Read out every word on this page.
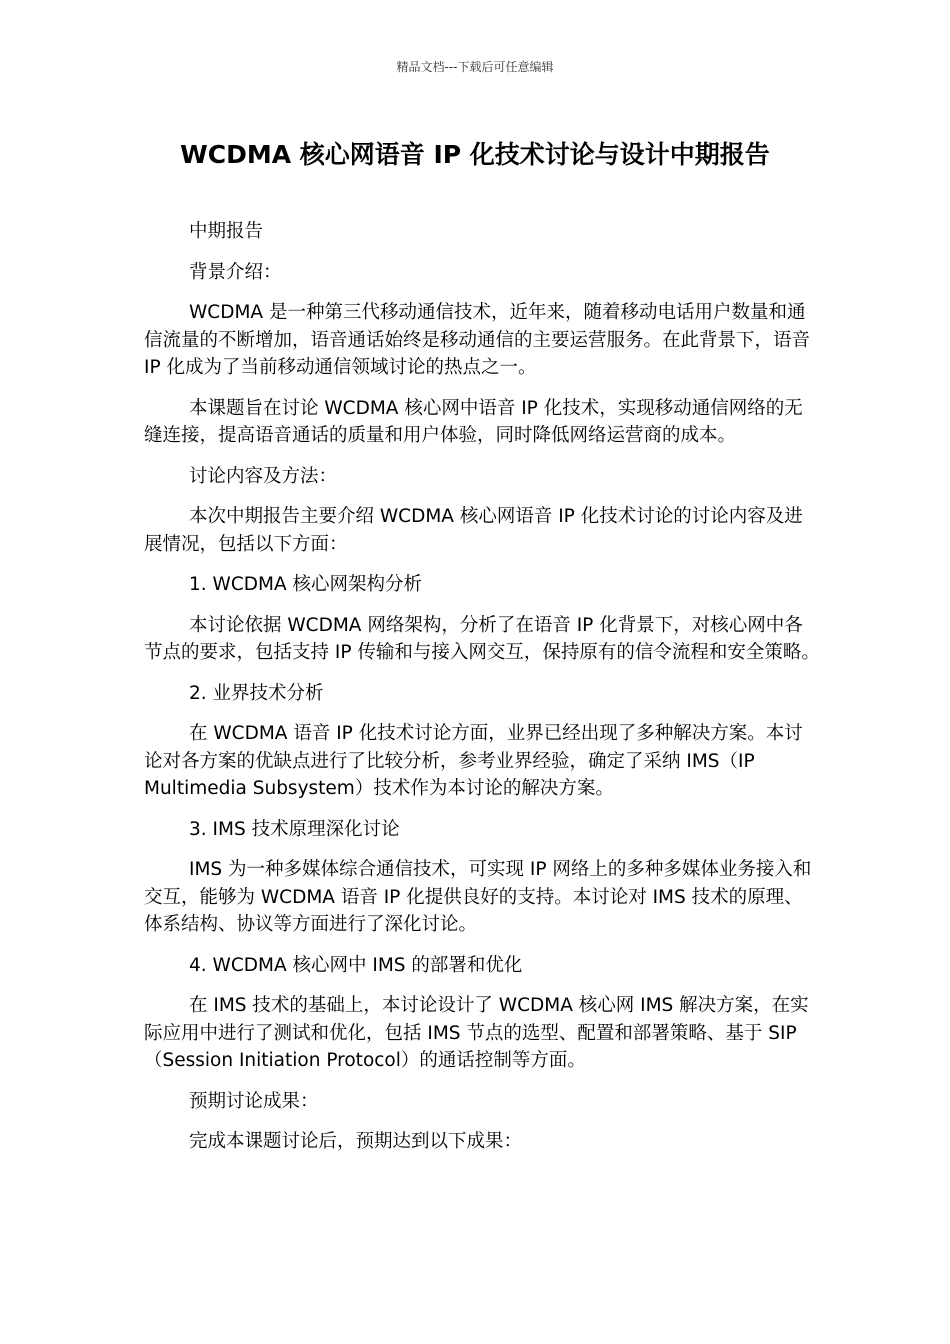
精品文档---下载后可任意编辑
WCDMA 核心网语音 IP 化技术讨论与设计中期报告

中期报告

背景介绍：

WCDMA 是一种第三代移动通信技术，近年来，随着移动电话用户数量和通信流量的不断增加，语音通话始终是移动通信的主要运营服务。在此背景下，语音 IP 化成为了当前移动通信领域讨论的热点之一。

本课题旨在讨论 WCDMA 核心网中语音 IP 化技术，实现移动通信网络的无缝连接，提高语音通话的质量和用户体验，同时降低网络运营商的成本。

讨论内容及方法：

本次中期报告主要介绍 WCDMA 核心网语音 IP 化技术讨论的讨论内容及进展情况，包括以下方面：

1. WCDMA 核心网架构分析

本讨论依据 WCDMA 网络架构，分析了在语音 IP 化背景下，对核心网中各节点的要求，包括支持 IP 传输和与接入网交互，保持原有的信令流程和安全策略。

2. 业界技术分析

在 WCDMA 语音 IP 化技术讨论方面，业界已经出现了多种解决方案。本讨论对各方案的优缺点进行了比较分析，参考业界经验，确定了采纳 IMS（IP Multimedia Subsystem）技术作为本讨论的解决方案。

3. IMS 技术原理深化讨论

IMS 为一种多媒体综合通信技术，可实现 IP 网络上的多种多媒体业务接入和交互，能够为 WCDMA 语音 IP 化提供良好的支持。本讨论对 IMS 技术的原理、体系结构、协议等方面进行了深化讨论。

4. WCDMA 核心网中 IMS 的部署和优化

在 IMS 技术的基础上，本讨论设计了 WCDMA 核心网 IMS 解决方案，在实际应用中进行了测试和优化，包括 IMS 节点的选型、配置和部署策略、基于 SIP（Session Initiation Protocol）的通话控制等方面。

预期讨论成果：

完成本课题讨论后，预期达到以下成果：
